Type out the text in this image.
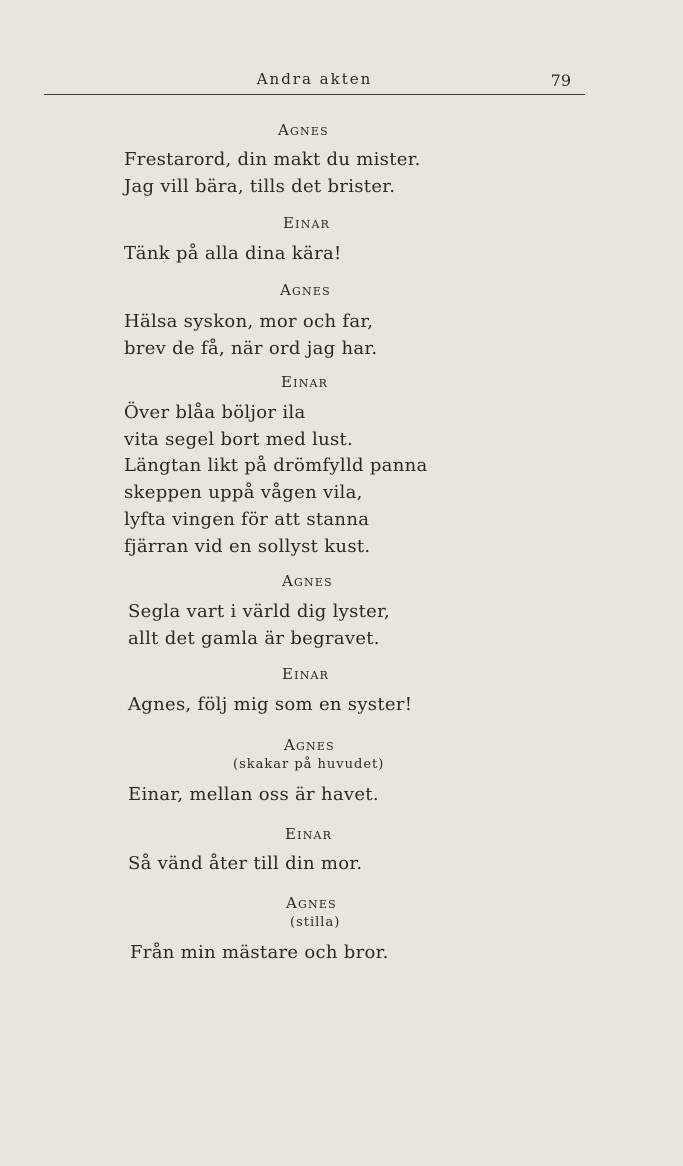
Andra akten	79
Agnes
Frestarord, din makt du mister.
Jag vill bära, tills det brister.
Einar
Tänk på alla dina kära!
Agnes
Hälsa syskon, mor och far,
brev de få, när ord jag har.
Einar
Över blåa böljor ila
vita segel bort med lust.
Längtan likt på drömfylld panna
skeppen uppå vågen vila,
lyfta vingen för att stanna
fjärran vid en sollyst kust.
Agnes
Segla vart i värld dig lyster,
allt det gamla är begravet.
Einar
Agnes, följ mig som en syster!
Agnes
(skakar på huvudet)
Einar, mellan oss är havet.
Einar
Så vänd åter till din mor.
Agnes
(stilla)
Från min mästare och bror.
